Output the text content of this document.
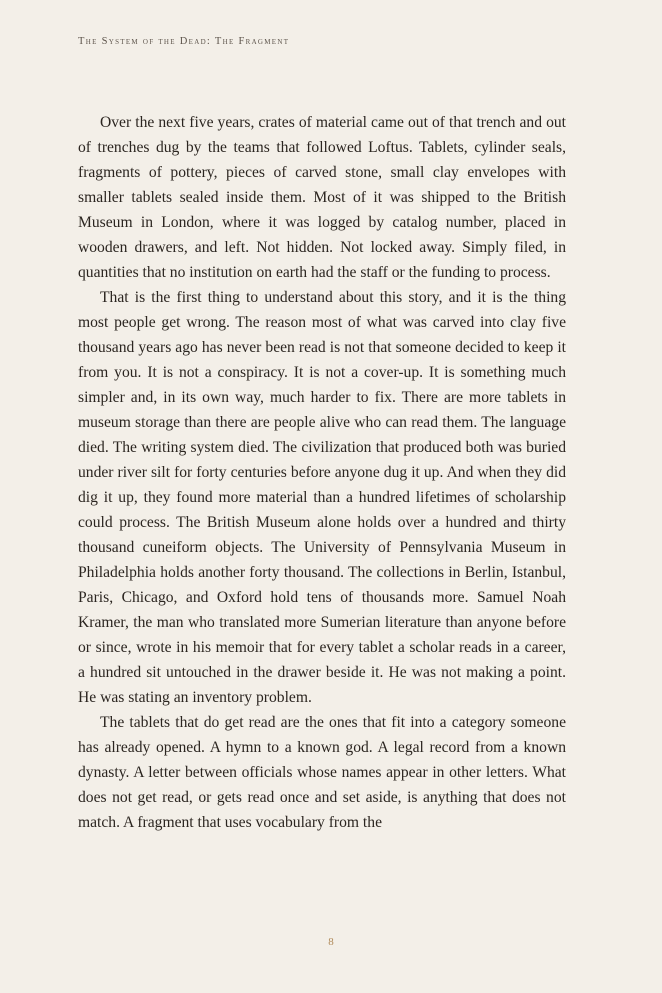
The System of the Dead: The Fragment

Over the next five years, crates of material came out of that trench and out of trenches dug by the teams that followed Loftus. Tablets, cylinder seals, fragments of pottery, pieces of carved stone, small clay envelopes with smaller tablets sealed inside them. Most of it was shipped to the British Museum in London, where it was logged by catalog number, placed in wooden drawers, and left. Not hidden. Not locked away. Simply filed, in quantities that no institution on earth had the staff or the funding to process.

That is the first thing to understand about this story, and it is the thing most people get wrong. The reason most of what was carved into clay five thousand years ago has never been read is not that someone decided to keep it from you. It is not a conspiracy. It is not a cover-up. It is something much simpler and, in its own way, much harder to fix. There are more tablets in museum storage than there are people alive who can read them. The language died. The writing system died. The civilization that produced both was buried under river silt for forty centuries before anyone dug it up. And when they did dig it up, they found more material than a hundred lifetimes of scholarship could process. The British Museum alone holds over a hundred and thirty thousand cuneiform objects. The University of Pennsylvania Museum in Philadelphia holds another forty thousand. The collections in Berlin, Istanbul, Paris, Chicago, and Oxford hold tens of thousands more. Samuel Noah Kramer, the man who translated more Sumerian literature than anyone before or since, wrote in his memoir that for every tablet a scholar reads in a career, a hundred sit untouched in the drawer beside it. He was not making a point. He was stating an inventory problem.

The tablets that do get read are the ones that fit into a category someone has already opened. A hymn to a known god. A legal record from a known dynasty. A letter between officials whose names appear in other letters. What does not get read, or gets read once and set aside, is anything that does not match. A fragment that uses vocabulary from the

8
